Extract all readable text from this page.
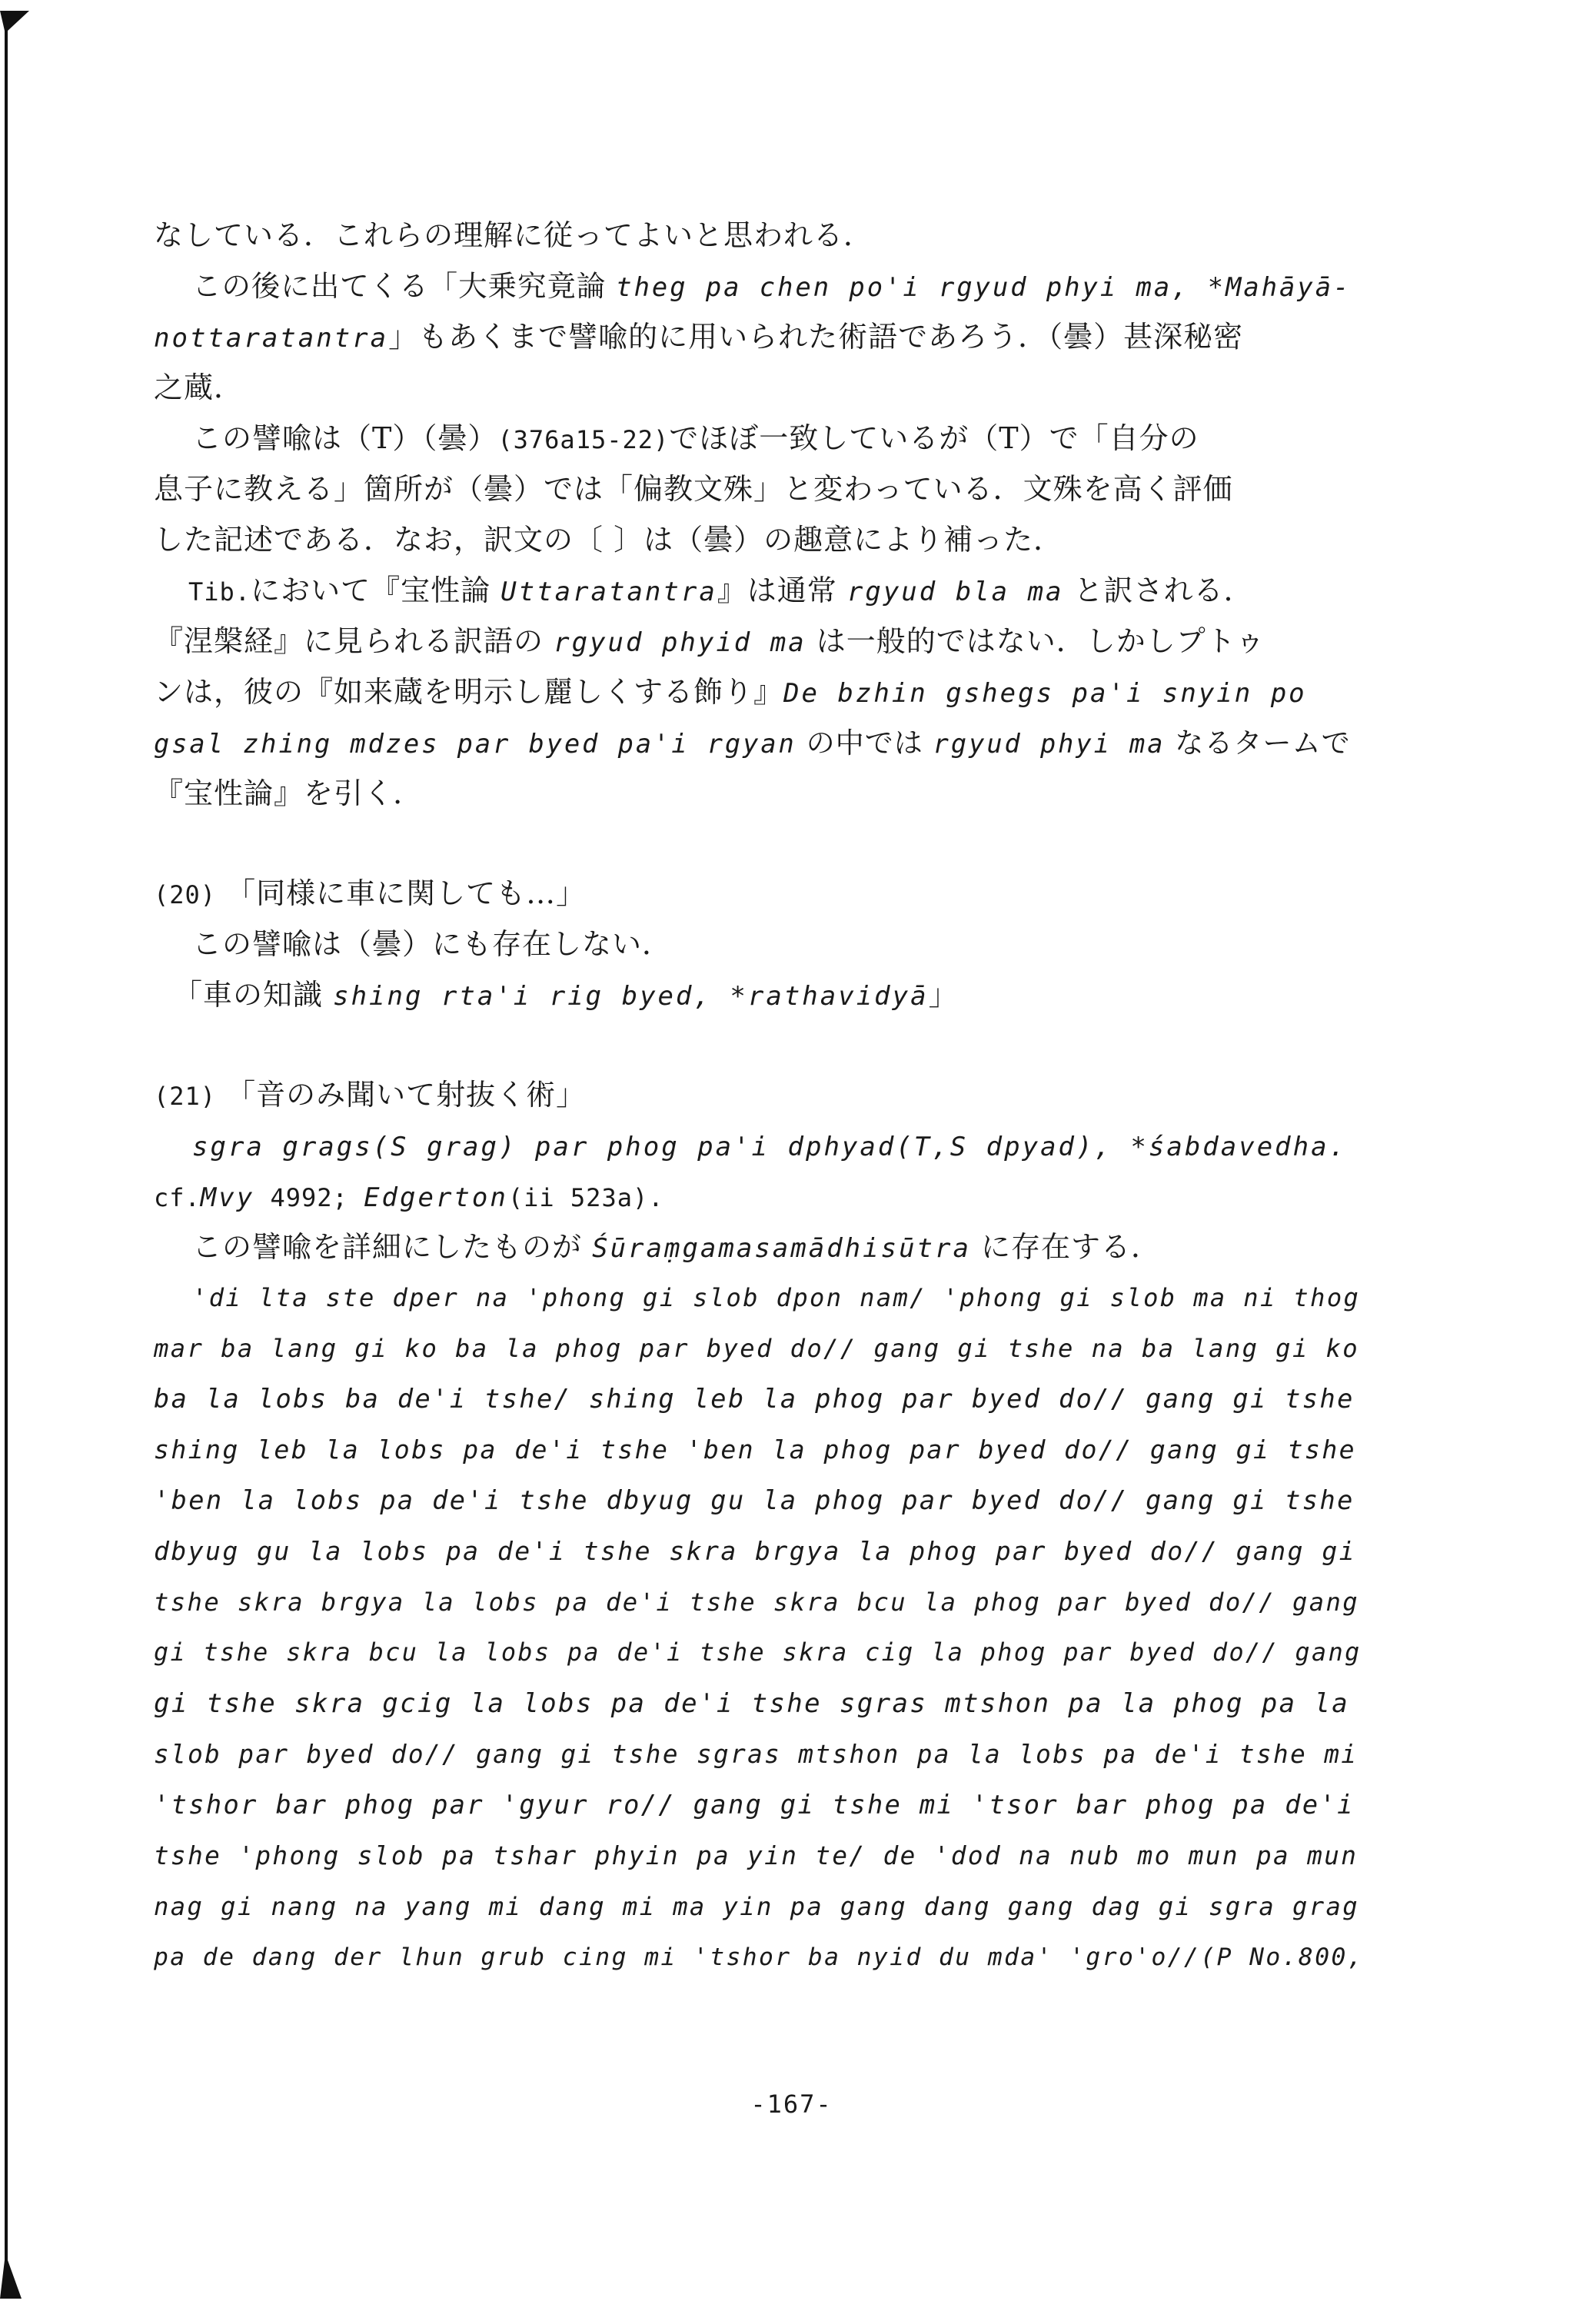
なしている．これらの理解に従ってよいと思われる．
この後に出てくる「大乗究竟論 theg pa chen po'i rgyud phyi ma, *Mahāyā-
nottaratantra」もあくまで譬喩的に用いられた術語であろう．（曇）甚深秘密
之蔵．
この譬喩は（T）（曇）(376a15-22)でほぼ一致しているが（T）で「自分の
息子に教える」箇所が（曇）では「偏教文殊」と変わっている．文殊を高く評価
した記述である．なお，訳文の〔 〕は（曇）の趣意により補った．
Tib.において『宝性論 Uttaratantra』は通常 rgyud bla ma と訳される．
『涅槃経』に見られる訳語の rgyud phyid ma は一般的ではない．しかしプトゥ
ンは，彼の『如来蔵を明示し麗しくする飾り』De bzhin gshegs pa'i snyin po
gsal zhing mdzes par byed pa'i rgyan の中では rgyud phyi ma なるタームで
『宝性論』を引く．
(20) 「同様に車に関しても…」
この譬喩は（曇）にも存在しない．
「車の知識 shing rta'i rig byed, *rathavidyā」
(21) 「音のみ聞いて射抜く術」
sgra grags(S grag) par phog pa'i dphyad(T,S dpyad), *śabdavedha.
cf.Mvy 4992; Edgerton(ii 523a).
この譬喩を詳細にしたものが Śūraṃgamasamādhisūtra に存在する．
'di lta ste dper na 'phong gi slob dpon nam/ 'phong gi slob ma ni thog
mar ba lang gi ko ba la phog par byed do// gang gi tshe na ba lang gi ko
ba la lobs ba de'i tshe/ shing leb la phog par byed do// gang gi tshe
shing leb la lobs pa de'i tshe 'ben la phog par byed do// gang gi tshe
'ben la lobs pa de'i tshe dbyug gu la phog par byed do// gang gi tshe
dbyug gu la lobs pa de'i tshe skra brgya la phog par byed do// gang gi
tshe skra brgya la lobs pa de'i tshe skra bcu la phog par byed do// gang
gi tshe skra bcu la lobs pa de'i tshe skra cig la phog par byed do// gang
gi tshe skra gcig la lobs pa de'i tshe sgras mtshon pa la phog pa la
slob par byed do// gang gi tshe sgras mtshon pa la lobs pa de'i tshe mi
'tshor bar phog par 'gyur ro// gang gi tshe mi 'tsor bar phog pa de'i
tshe 'phong slob pa tshar phyin pa yin te/ de 'dod na nub mo mun pa mun
nag gi nang na yang mi dang mi ma yin pa gang dang gang dag gi sgra grag
pa de dang der lhun grub cing mi 'tshor ba nyid du mda' 'gro'o//(P No.800,
-167-
